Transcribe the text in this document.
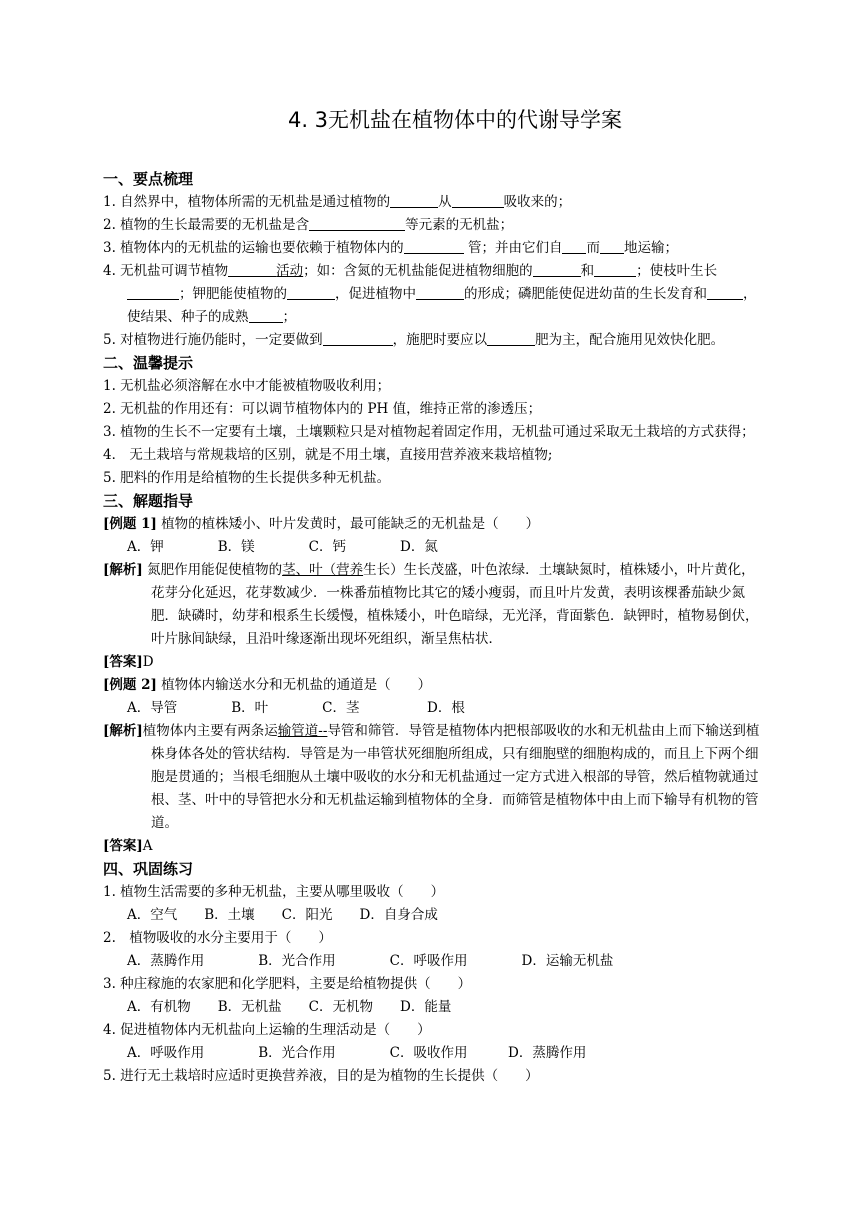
4. 3无机盐在植物体中的代谢导学案
一、要点梳理
1. 自然界中，植物体所需的无机盐是通过植物的	从	吸收来的；
2. 植物的生长最需要的无机盐是含	等元素的无机盐；
3. 植物体内的无机盐的运输也要依赖于植物体内的	管；并由它们自 而 地运输；
4. 无机盐可调节植物	活动；如：含氮的无机盐能促进植物细胞的	和	；使枝叶生长；钾肥能使植物的	，促进植物中	的形成；磷肥能使促进幼苗的生长发育和	，使结果、种子的成熟	；
5. 对植物进行施仍能时，一定要做到	，施肥时要应以	肥为主，配合施用见效快化肥。
二、温馨提示
1. 无机盐必须溶解在水中才能被植物吸收利用；
2. 无机盐的作用还有：可以调节植物体内的 PH 值，维持正常的渗透压；
3. 植物的生长不一定要有土壤，土壤颗粒只是对植物起着固定作用，无机盐可通过采取无土栽培的方式获得；
4． 无土栽培与常规栽培的区别，就是不用土壤，直接用营养液来栽培植物;
5. 肥料的作用是给植物的生长提供多种无机盐。
三、解题指导
[例题 1] 植物的植株矮小、叶片发黄时，最可能缺乏的无机盐是（　　）
A．钾　　　　B．镁　　　　C．钙　　　　D．氮
[解析] 氮肥作用能促使植物的茎、叶（营养生长）生长茂盛，叶色浓绿．土壤缺氮时，植株矮小，叶片黄化，花芽分化延迟，花芽数减少．一株番茄植物比其它的矮小瘦弱，而且叶片发黄，表明该棵番茄缺少氮肥．缺磷时，幼芽和根系生长缓慢，植株矮小，叶色暗绿，无光泽，背面紫色．缺钾时，植物易倒伏，叶片脉间缺绿，且沿叶缘逐渐出现坏死组织，渐呈焦枯状．
[答案]D
[例题 2] 植物体内输送水分和无机盐的通道是（　　）
A．导管　　　　B．叶　　　　C．茎　　　　　D．根
[解析]植物体内主要有两条运输管道--导管和筛管．导管是植物体内把根部吸收的水和无机盐由上而下输送到植株身体各处的管状结构．导管是为一串管状死细胞所组成，只有细胞壁的细胞构成的，而且上下两个细胞是贯通的；当根毛细胞从土壤中吸收的水分和无机盐通过一定方式进入根部的导管，然后植物就通过根、茎、叶中的导管把水分和无机盐运输到植物体的全身．而筛管是植物体中由上而下输导有机物的管道。
[答案]A
四、巩固练习
1. 植物生活需要的多种无机盐，主要从哪里吸收（　　）
A．空气　　B．土壤　　C．阳光　　D．自身合成
2.　植物吸收的水分主要用于（　　）
A．蒸腾作用　　　　B．光合作用　　　　C．呼吸作用　　　　D．运输无机盐
3. 种庄稼施的农家肥和化学肥料，主要是给植物提供（　　）
A．有机物　　B．无机盐　　C．无机物　　D．能量
4. 促进植物体内无机盐向上运输的生理活动是（　　）
A．呼吸作用　　　　B．光合作用　　　　C．吸收作用　　　D．蒸腾作用
5. 进行无土栽培时应适时更换营养液，目的是为植物的生长提供（　　）
